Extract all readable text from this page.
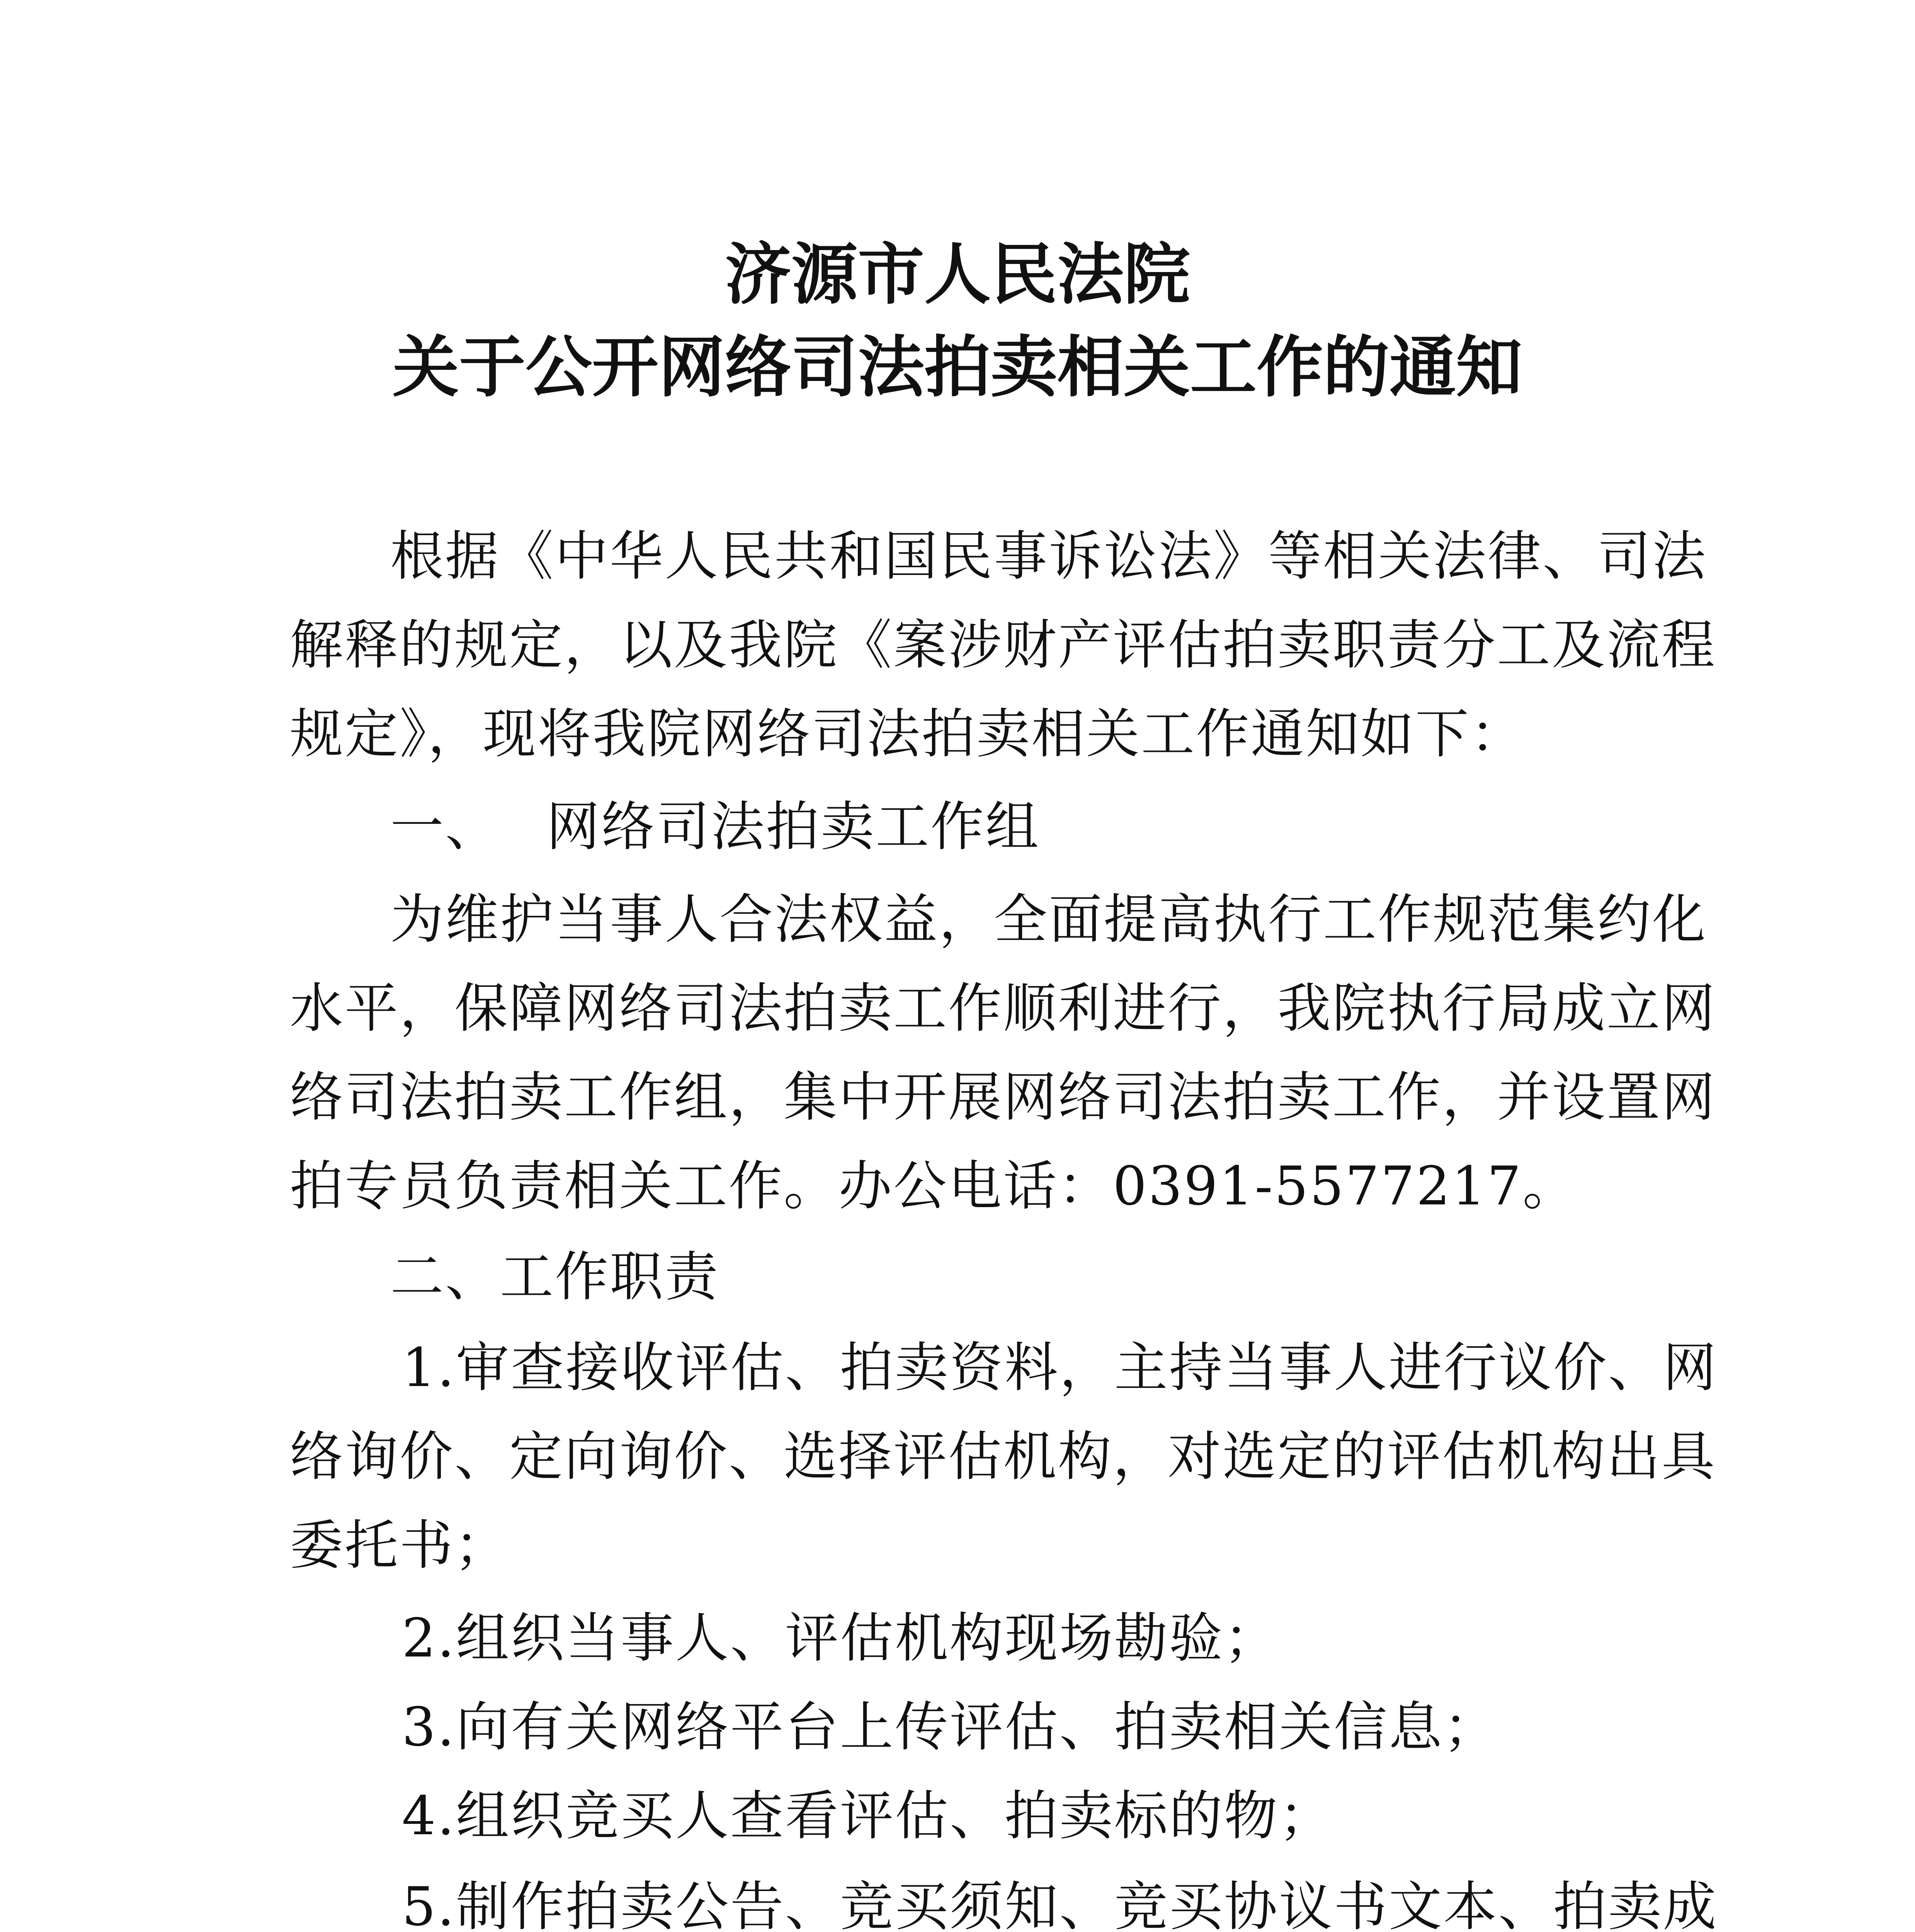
济源市人民法院
关于公开网络司法拍卖相关工作的通知
根据《中华人民共和国民事诉讼法》等相关法律、司法
解释的规定，以及我院《案涉财产评估拍卖职责分工及流程
规定》，现将我院网络司法拍卖相关工作通知如下：
一、 网络司法拍卖工作组
为维护当事人合法权益，全面提高执行工作规范集约化
水平，保障网络司法拍卖工作顺利进行，我院执行局成立网
络司法拍卖工作组，集中开展网络司法拍卖工作，并设置网
拍专员负责相关工作。办公电话：0391-5577217。
二、工作职责
1.审查接收评估、拍卖资料，主持当事人进行议价、网
络询价、定向询价、选择评估机构，对选定的评估机构出具
委托书；
2.组织当事人、评估机构现场勘验；
3.向有关网络平台上传评估、拍卖相关信息；
4.组织竞买人查看评估、拍卖标的物；
5.制作拍卖公告、竞买须知、竞买协议书文本、拍卖成
